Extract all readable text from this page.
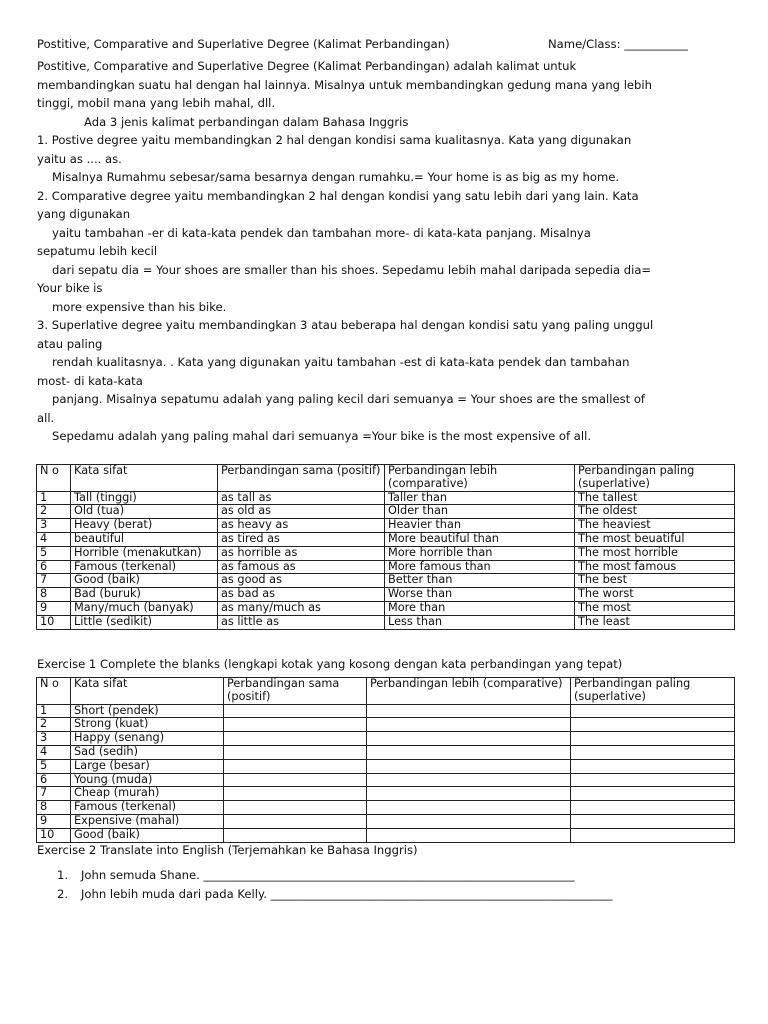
Postitive, Comparative and Superlative Degree (Kalimat Perbandingan)	Name/Class: ___________

Postitive, Comparative and Superlative Degree (Kalimat Perbandingan) adalah kalimat untuk

membandingkan suatu hal dengan hal lainnya. Misalnya untuk membandingkan gedung mana yang lebih

tinggi, mobil mana yang lebih mahal, dll.

Ada 3 jenis kalimat perbandingan dalam Bahasa Inggris

1. Postive degree yaitu membandingkan 2 hal dengan kondisi sama kualitasnya. Kata yang digunakan

yaitu as .... as.

Misalnya Rumahmu sebesar/sama besarnya dengan rumahku.= Your home is as big as my home.

2. Comparative degree yaitu membandingkan 2 hal dengan kondisi yang satu lebih dari yang lain. Kata

yang digunakan

yaitu tambahan -er di kata-kata pendek dan tambahan more- di kata-kata panjang. Misalnya

sepatumu lebih kecil

dari sepatu dia = Your shoes are smaller than his shoes. Sepedamu lebih mahal daripada sepedia dia=

Your bike is

more expensive than his bike.

3. Superlative degree yaitu membandingkan 3 atau beberapa hal dengan kondisi satu yang paling unggul

atau paling

rendah kualitasnya. . Kata yang digunakan yaitu tambahan -est di kata-kata pendek dan tambahan

most- di kata-kata

panjang. Misalnya sepatumu adalah yang paling kecil dari semuanya = Your shoes are the smallest of

all.

Sepedamu adalah yang paling mahal dari semuanya =Your bike is the most expensive of all.

N o	Kata sifat	Perbandingan sama (positif)	Perbandingan lebih (comparative)	Perbandingan paling (superlative)
1	Tall (tinggi)	as tall as	Taller than	The tallest
2	Old (tua)	as old as	Older than	The oldest
3	Heavy (berat)	as heavy as	Heavier than	The heaviest
4	beautiful	as tired as	More beautiful than	The most beuatiful
5	Horrible (menakutkan)	as horrible as	More horrible than	The most horrible
6	Famous (terkenal)	as famous as	More famous than	The most famous
7	Good (baik)	as good as	Better than	The best
8	Bad (buruk)	as bad as	Worse than	The worst
9	Many/much (banyak)	as many/much as	More than	The most
10	Little (sedikit)	as little as	Less than	The least
Exercise 1 Complete the blanks (lengkapi kotak yang kosong dengan kata perbandingan yang tepat)
N o	Kata sifat	Perbandingan sama (positif)	Perbandingan lebih (comparative)	Perbandingan paling (superlative)
1	Short (pendek)			
2	Strong (kuat)			
3	Happy (senang)			
4	Sad (sedih)			
5	Large (besar)			
6	Young (muda)			
7	Cheap (murah)			
8	Famous (terkenal)			
9	Expensive (mahal)			
10	Good (baik)			
Exercise 2 Translate into English (Terjemahkan ke Bahasa Inggris)
1. John semuda Shane. ________________________________________________________________
2. John lebih muda dari pada Kelly. ___________________________________________________________
